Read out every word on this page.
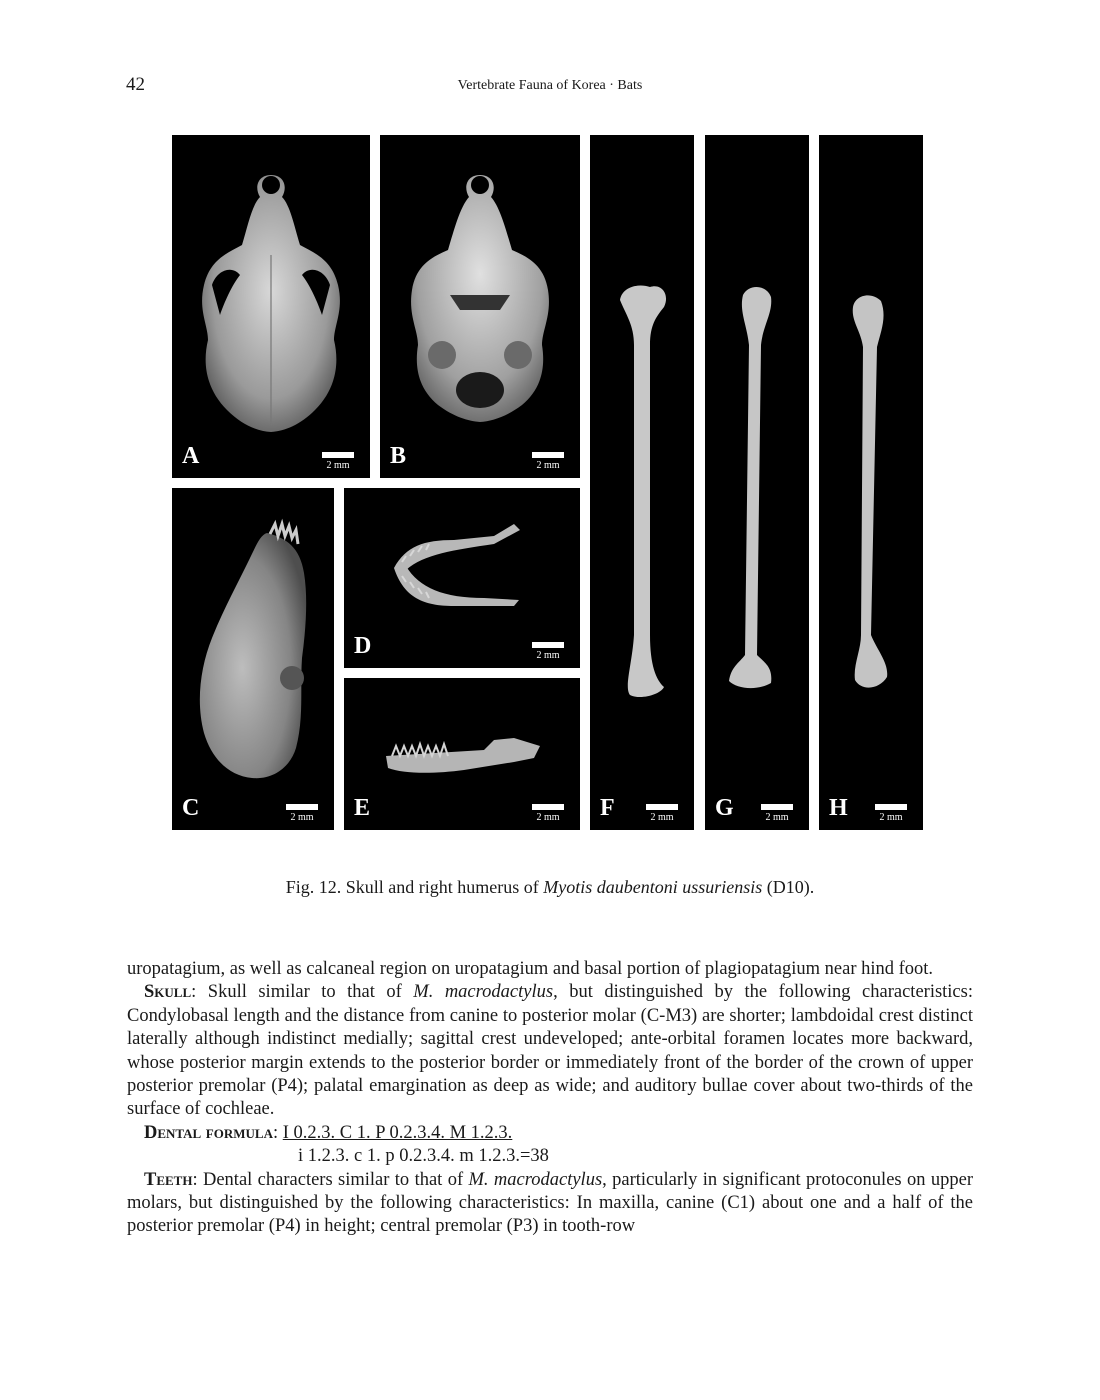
42	Vertebrate Fauna of Korea · Bats
A	2 mm	B	2 mm
C	2 mm
D	2 mm
E	2 mm	F	2 mm	G	2 mm	H	2 mm
Fig. 12. Skull and right humerus of Myotis daubentoni ussuriensis (D10).

uropatagium, as well as calcaneal region on uropatagium and basal portion of plagiopatagium near hind foot.

Skull: Skull similar to that of M. macrodactylus, but distinguished by the following characteristics: Condylobasal length and the distance from canine to posterior molar (C-M3) are shorter; lambdoidal crest distinct laterally although indistinct medially; sagittal crest undeveloped; ante-orbital foramen locates more backward, whose posterior margin extends to the posterior border or immediately front of the border of the crown of upper posterior premolar (P4); palatal emargination as deep as wide; and auditory bullae cover about two-thirds of the surface of cochleae.

Dental formula: I 0.2.3. C 1. P 0.2.3.4. M 1.2.3.

i 1.2.3. c 1. p 0.2.3.4. m 1.2.3.=38

Teeth: Dental characters similar to that of M. macrodactylus, particularly in significant protoconules on upper molars, but distinguished by the following characteristics: In maxilla, canine (C1) about one and a half of the posterior premolar (P4) in height; central premolar (P3) in tooth-row
